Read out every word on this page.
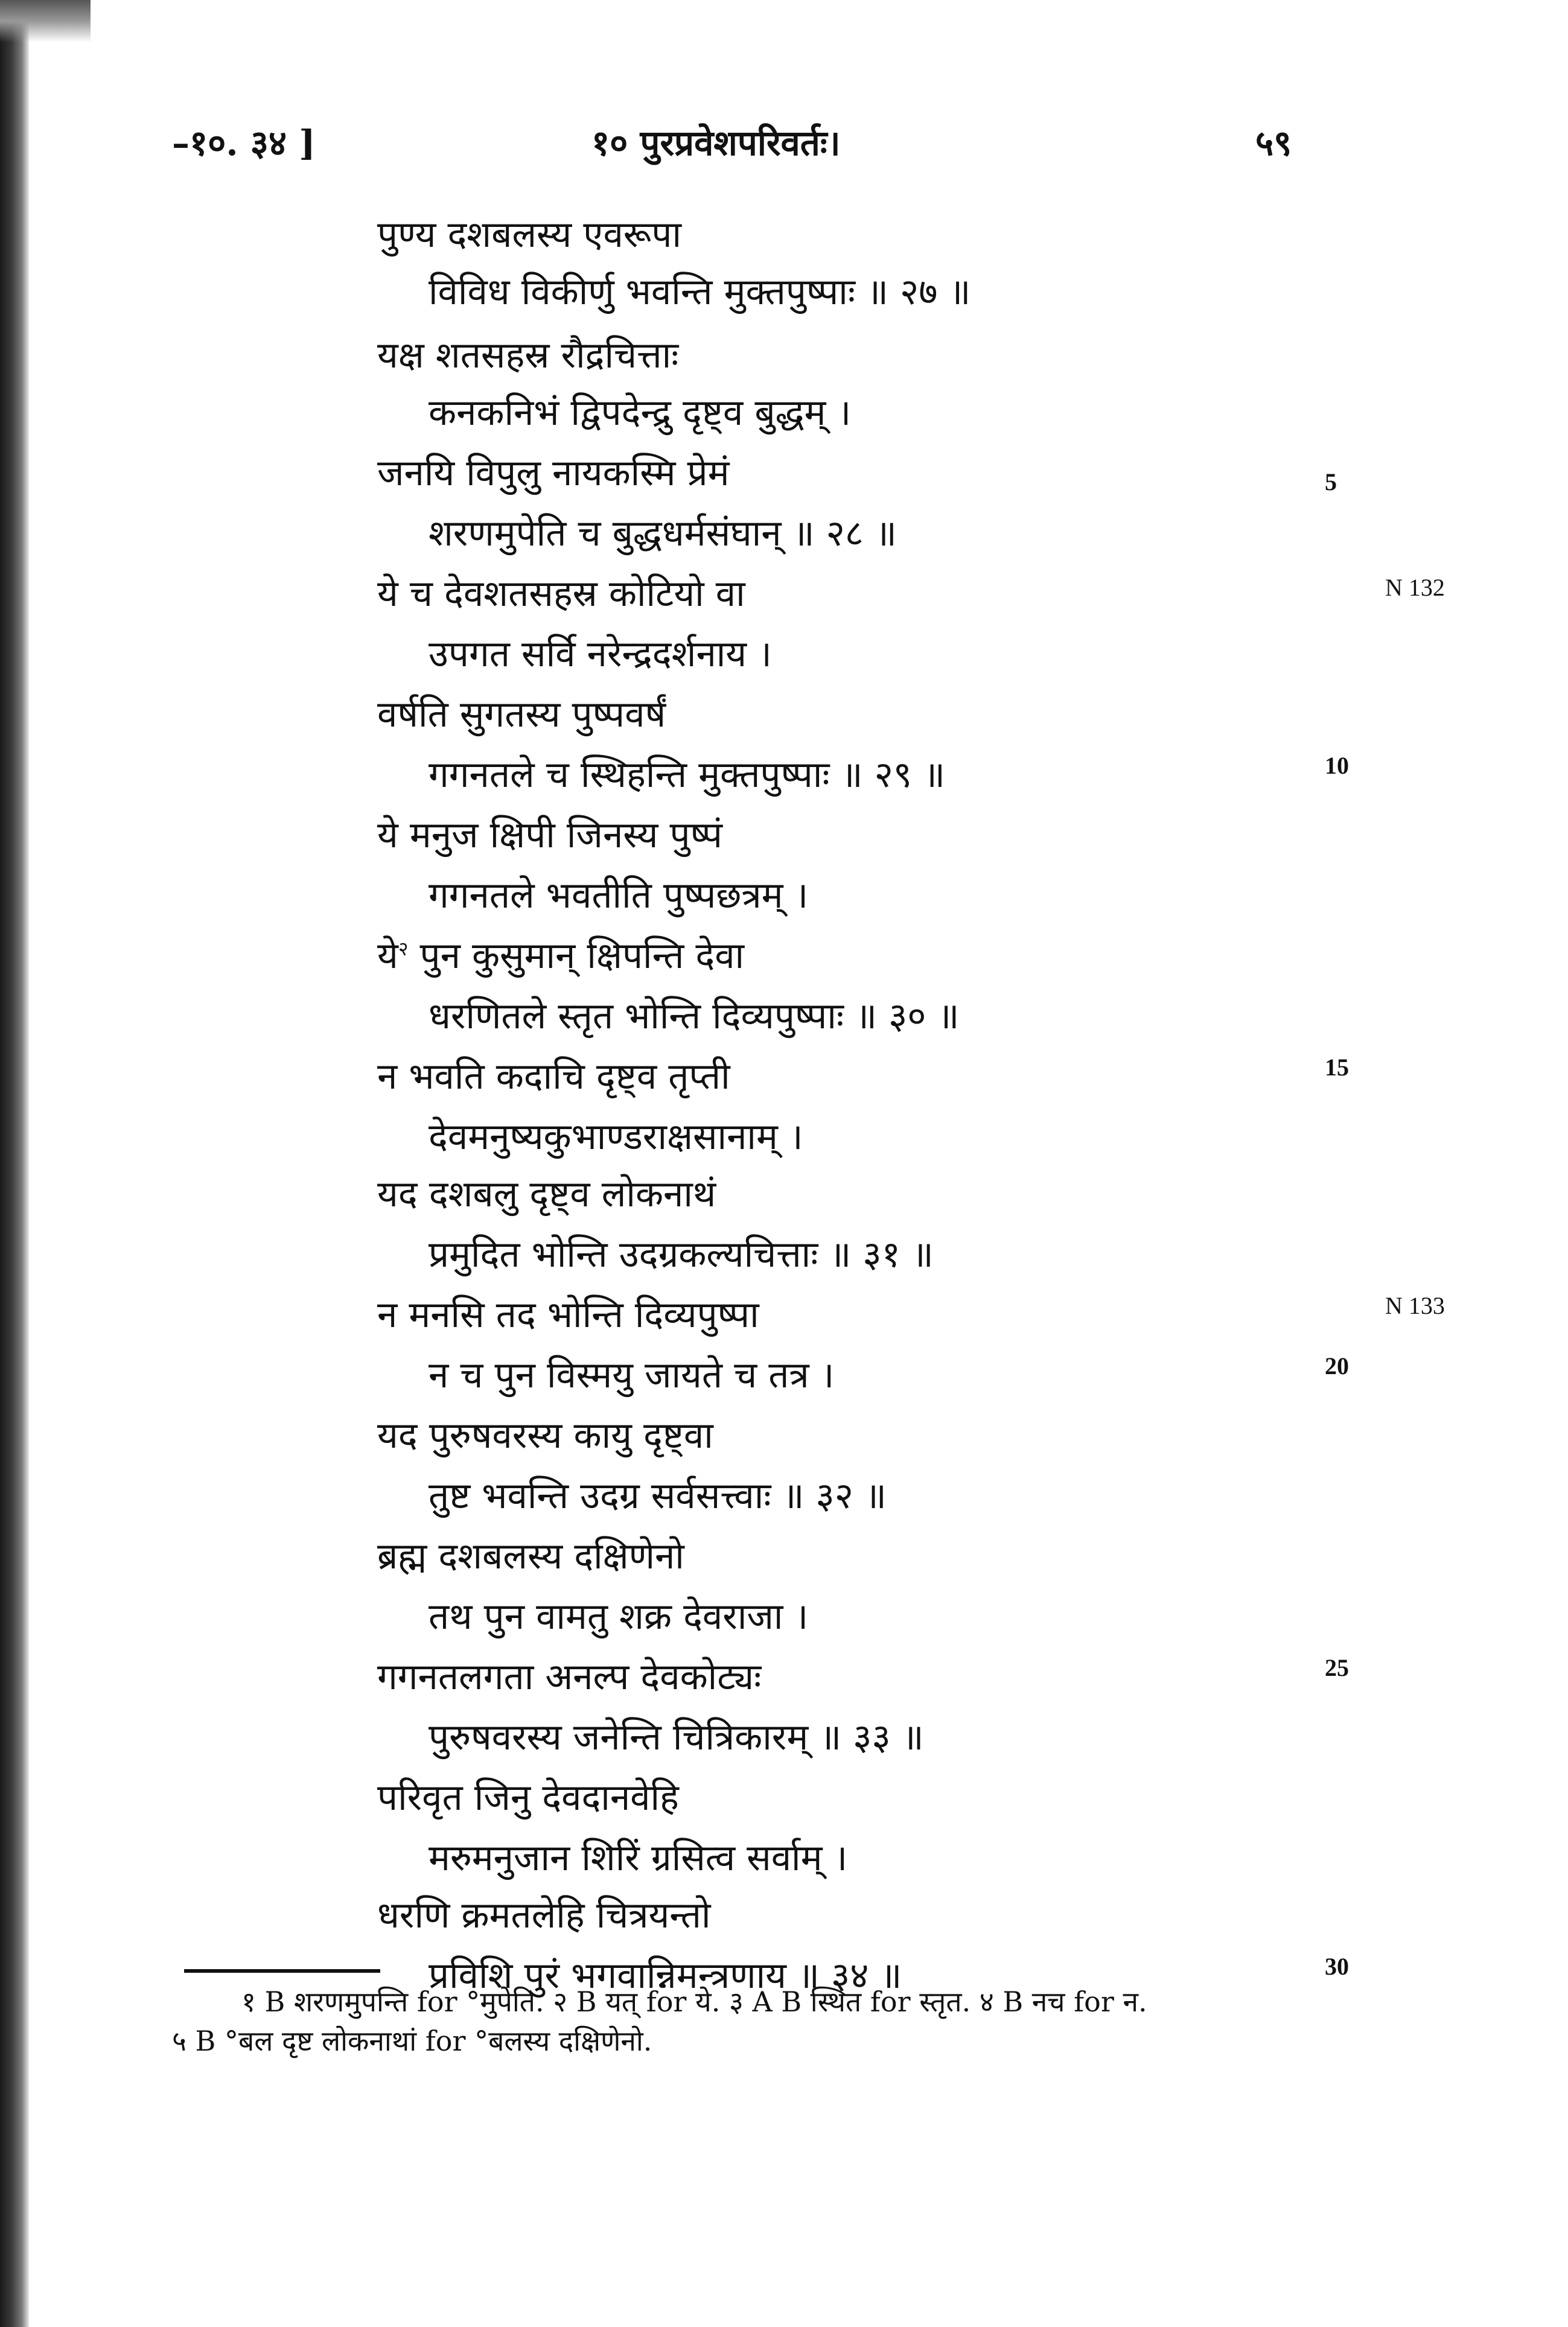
–१०. ३४ ]	१० पुरप्रवेशपरिवर्तः।	५९
पुण्य दशबलस्य एवरूपा
विविध विकीर्णु भवन्ति मुक्तपुष्पाः ॥ २७ ॥
यक्ष शतसहस्र रौद्रचित्ताः
कनकनिभं द्विपदेन्द्रु दृष्ट्व बुद्धम् ।
जनयि विपुलु नायकस्मि प्रेमं
शरणमुपेति च बुद्धधर्मसंघान् ॥ २८ ॥
ये च देवशतसहस्र कोटियो वा
उपगत सर्वि नरेन्द्रदर्शनाय ।
वर्षति सुगतस्य पुष्पवर्षं
गगनतले च स्थिहन्ति मुक्तपुष्पाः ॥ २९ ॥
ये मनुज क्षिपी जिनस्य पुष्पं
गगनतले भवतीति पुष्पछत्रम् ।
ये$^२$ पुन कुसुमान् क्षिपन्ति देवा
धरणितले स्तृत भोन्ति दिव्यपुष्पाः ॥ ३० ॥
न भवति कदाचि दृष्ट्व तृप्ती
देवमनुष्यकुभाण्डराक्षसानाम् ।
यद दशबलु दृष्ट्व लोकनाथं
प्रमुदित भोन्ति उदग्रकल्यचित्ताः ॥ ३१ ॥
न मनसि तद भोन्ति दिव्यपुष्पा
न च पुन विस्मयु जायते च तत्र ।
यद पुरुषवरस्य कायु दृष्ट्वा
तुष्ट भवन्ति उदग्र सर्वसत्त्वाः ॥ ३२ ॥
ब्रह्म दशबलस्य दक्षिणेनो
तथ पुन वामतु शक्र देवराजा ।
गगनतलगता अनल्प देवकोट्यः
पुरुषवरस्य जनेन्ति चित्रिकारम् ॥ ३३ ॥
परिवृत जिनु देवदानवेहि
मरुमनुजान शिरिं ग्रसित्व सर्वाम् ।
धरणि क्रमतलेहि चित्रयन्तो
प्रविशि पुरं भगवान्निमन्त्रणाय ॥ ३४ ॥
5
10
15
20
25
30
N 132
N 133
१ B शरणमुपन्ति for °मुपेति. २ B यत् for ये. ३ A B स्थित for स्तृत. ४ B नच for न.
५ B °बल दृष्ट लोकनाथां for °बलस्य दक्षिणेनो.
